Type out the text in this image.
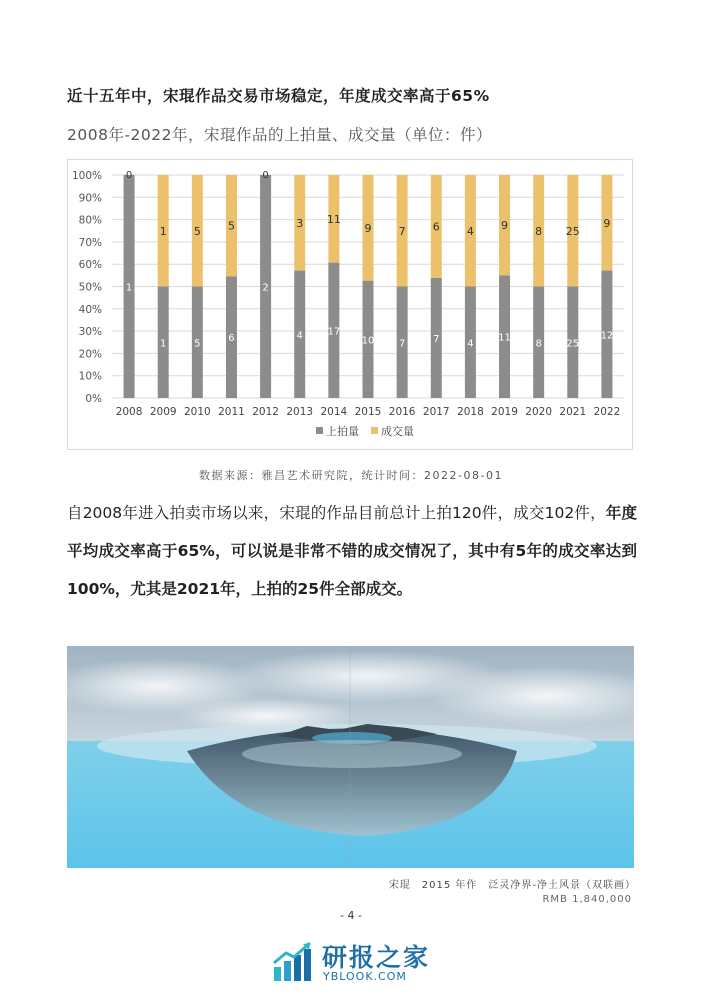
近十五年中，宋琨作品交易市场稳定，年度成交率高于65%
2008年-2022年，宋琨作品的上拍量、成交量（单位：件）
0%
10%
20%
30%
40%
50%
60%
70%
80%
90%
100%
1
0
2008
1
1
2009
5
5
2010
6
5
2011
2
0
2012
4
3
2013
17
11
2014
10
9
2015
7
7
2016
7
6
2017
4
4
2018
11
9
2019
8
8
2020
25
25
2021
12
9
2022
上拍量 成交量
数据来源：雅昌艺术研究院，统计时间：2022-08-01
自2008年进入拍卖市场以来，宋琨的作品目前总计上拍120件，成交102件，年度平均成交率高于65%，可以说是非常不错的成交情况了，其中有5年的成交率达到100%，尤其是2021年，上拍的25件全部成交。
宋琨　2015 年作　泛灵净界-净土风景（双联画）
RMB 1,840,000
- 4 -
研报之家
YBLOOK.COM
